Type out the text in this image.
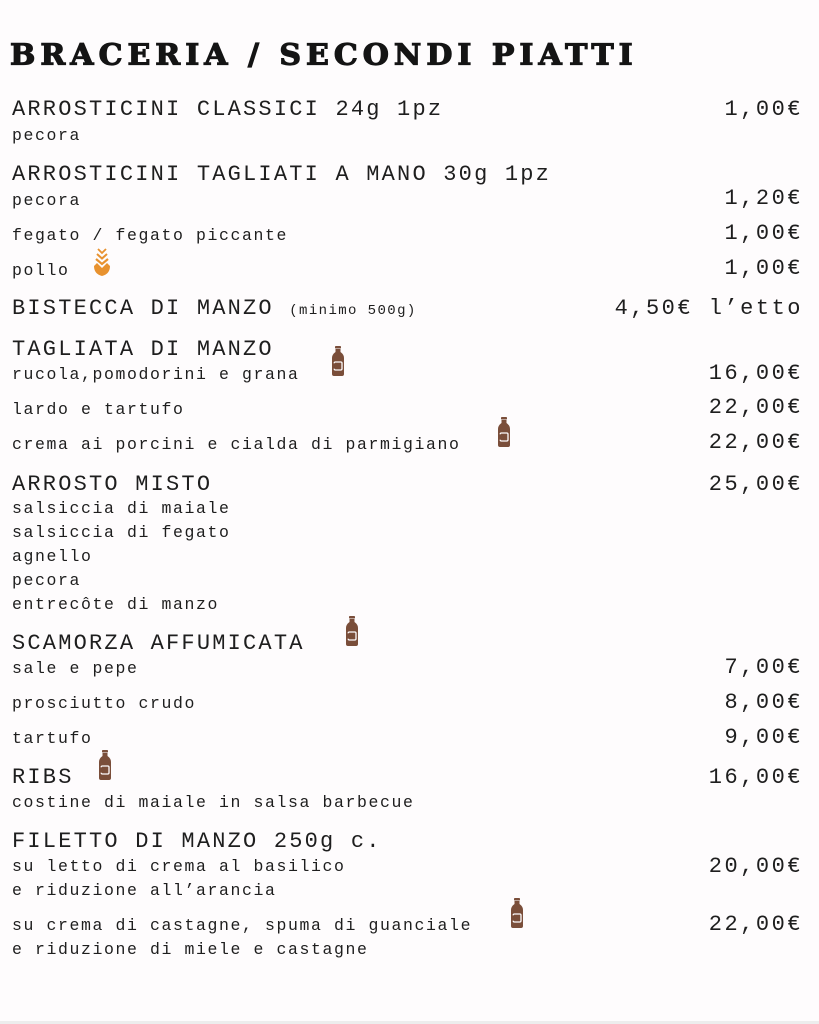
BRACERIA / SECONDI PIATTI
ARROSTICINI CLASSICI 24g 1pz	1,00€
pecora
ARROSTICINI TAGLIATI A MANO 30g 1pz
pecora	1,20€
fegato / fegato piccante	1,00€
pollo	1,00€
BISTECCA DI MANZO (minimo 500g)	4,50€ l’etto
TAGLIATA DI MANZO
rucola,pomodorini e grana	16,00€
lardo e tartufo	22,00€
crema ai porcini e cialda di parmigiano	22,00€
ARROSTO MISTO	25,00€
salsiccia di maiale
salsiccia di fegato
agnello
pecora
entrecôte di manzo
SCAMORZA AFFUMICATA
sale e pepe	7,00€
prosciutto crudo	8,00€
tartufo	9,00€
RIBS	16,00€
costine di maiale in salsa barbecue
FILETTO DI MANZO 250g c.
su letto di crema al basilico
e riduzione all’arancia
20,00€
su crema di castagne, spuma di guanciale
e riduzione di miele e castagne
22,00€
